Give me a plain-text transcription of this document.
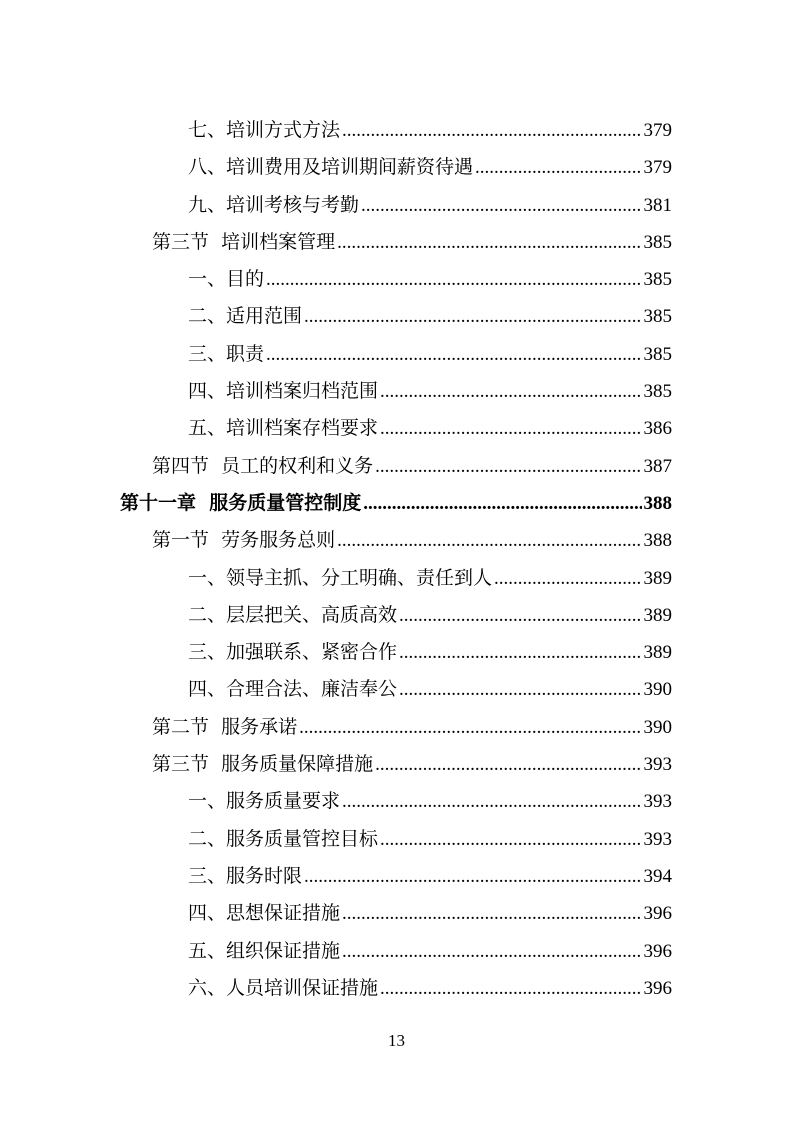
七、培训方式方法 .....	379
八、培训费用及培训期间薪资待遇 .....	379
九、培训考核与考勤 .....	381
第三节  培训档案管理 .....	385
一、目的 .....	385
二、适用范围 .....	385
三、职责 .....	385
四、培训档案归档范围 .....	385
五、培训档案存档要求 .....	386
第四节  员工的权利和义务 .....	387
第十一章  服务质量管控制度 .....	388
第一节  劳务服务总则 .....	388
一、领导主抓、分工明确、责任到人 .....	389
二、层层把关、高质高效 .....	389
三、加强联系、紧密合作 .....	389
四、合理合法、廉洁奉公 .....	390
第二节  服务承诺 .....	390
第三节  服务质量保障措施 .....	393
一、服务质量要求 .....	393
二、服务质量管控目标 .....	393
三、服务时限 .....	394
四、思想保证措施 .....	396
五、组织保证措施 .....	396
六、人员培训保证措施 .....	396
13
